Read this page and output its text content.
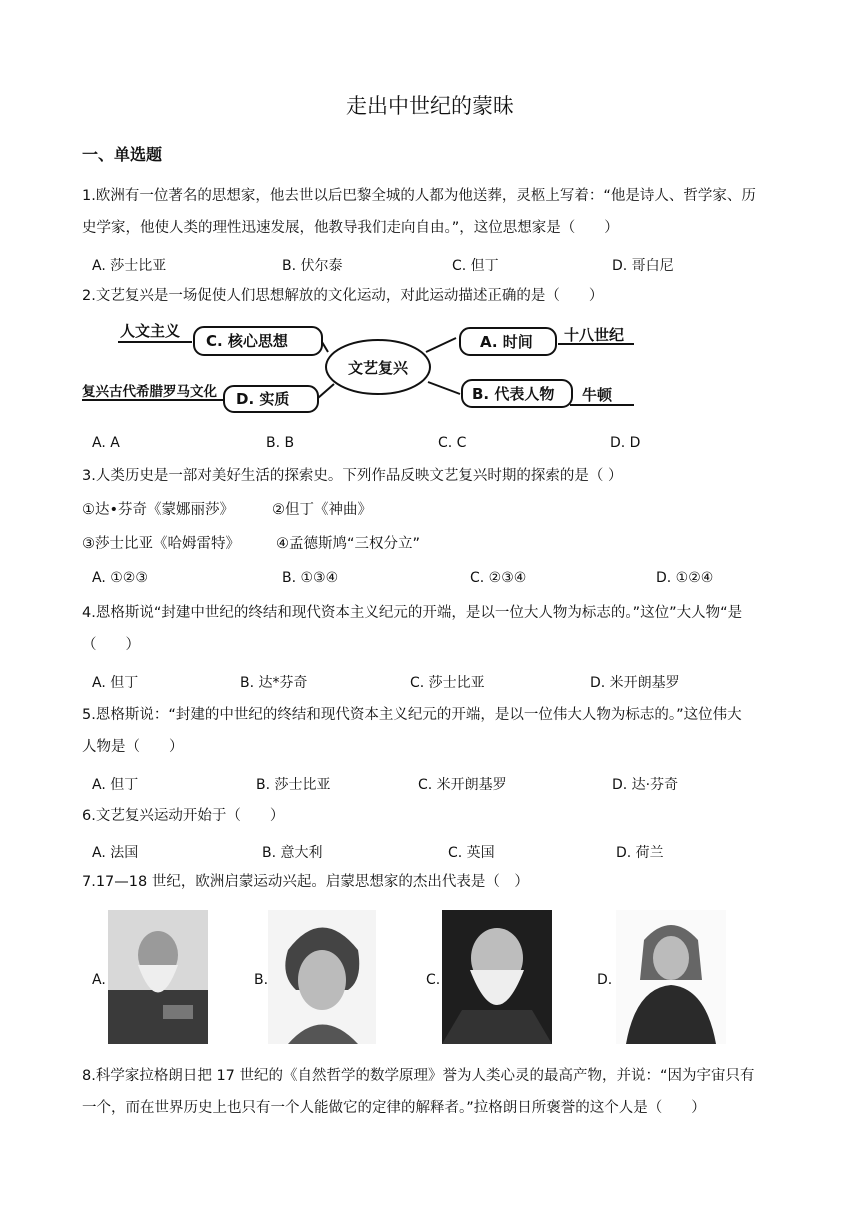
走出中世纪的蒙昧
一、单选题
1.欧洲有一位著名的思想家，他去世以后巴黎全城的人都为他送葬，灵柩上写着：“他是诗人、哲学家、历
史学家，他使人类的理性迅速发展，他教导我们走向自由。”，这位思想家是（　　）
A. 莎士比亚	B. 伏尔泰	C. 但丁	D. 哥白尼
2.文艺复兴是一场促使人们思想解放的文化运动，对此运动描述正确的是（　　）
人文主义
C. 核心思想
复兴古代希腊罗马文化 D. 实质
文艺复兴
A. 时间 十八世纪
B. 代表人物 牛顿
A. A	B. B	C. C	D. D
3.人类历史是一部对美好生活的探索史。下列作品反映文艺复兴时期的探索的是（ ）
①达•芬奇《蒙娜丽莎》	②但丁《神曲》
③莎士比亚《哈姆雷特》 ④孟德斯鸠“三权分立”
A. ①②③	B. ①③④	C. ②③④	D. ①②④
4.恩格斯说“封建中世纪的终结和现代资本主义纪元的开端，是以一位大人物为标志的。”这位”大人物“是
（　　）
A. 但丁	B. 达*芬奇	C. 莎士比亚	D. 米开朗基罗
5.恩格斯说：“封建的中世纪的终结和现代资本主义纪元的开端，是以一位伟大人物为标志的。”这位伟大
人物是（　　）
A. 但丁	B. 莎士比亚	C. 米开朗基罗	D. 达·芬奇
6.文艺复兴运动开始于（　　）
A. 法国	B. 意大利	C. 英国	D. 荷兰
7.17—18 世纪，欧洲启蒙运动兴起。启蒙思想家的杰出代表是（　）
A.	B.	C.	D.
8.科学家拉格朗日把 17 世纪的《自然哲学的数学原理》誉为人类心灵的最高产物，并说：“因为宇宙只有
一个，而在世界历史上也只有一个人能做它的定律的解释者。”拉格朗日所褒誉的这个人是（　　）
